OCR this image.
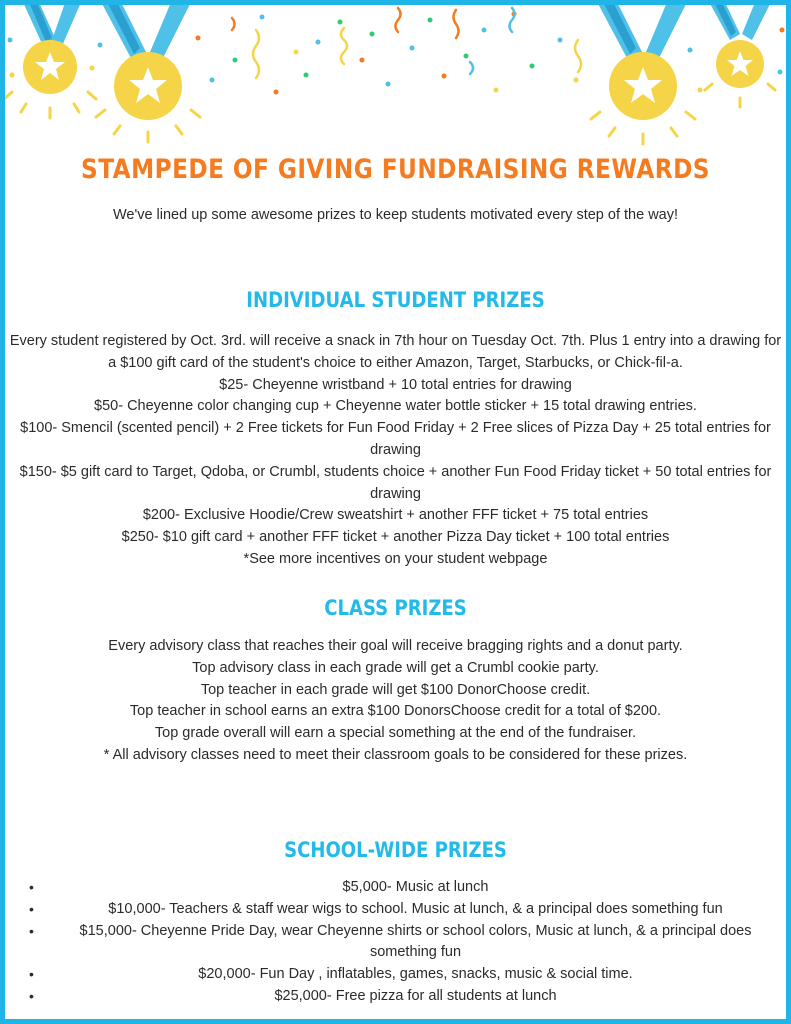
STAMPEDE OF GIVING FUNDRAISING REWARDS

We've lined up some awesome prizes to keep students motivated every step of the way!

INDIVIDUAL STUDENT PRIZES

Every student registered by Oct. 3rd. will receive a snack in 7th hour on Tuesday Oct. 7th. Plus 1 entry into a drawing for a $100 gift card of the student's choice to either Amazon, Target, Starbucks, or Chick-fil-a.

$25- Cheyenne wristband + 10 total entries for drawing

$50- Cheyenne color changing cup + Cheyenne water bottle sticker + 15 total drawing entries.

$100- Smencil (scented pencil) + 2 Free tickets for Fun Food Friday + 2 Free slices of Pizza Day + 25 total entries for drawing

$150- $5 gift card to Target, Qdoba, or Crumbl, students choice + another Fun Food Friday ticket + 50 total entries for drawing

$200- Exclusive Hoodie/Crew sweatshirt + another FFF ticket + 75 total entries

$250- $10 gift card + another FFF ticket + another Pizza Day ticket + 100 total entries

*See more incentives on your student webpage

CLASS PRIZES

Every advisory class that reaches their goal will receive bragging rights and a donut party.

Top advisory class in each grade will get a Crumbl cookie party.

Top teacher in each grade will get $100 DonorChoose credit.

Top teacher in school earns an extra $100 DonorsChoose credit for a total of $200.

Top grade overall will earn a special something at the end of the fundraiser.

* All advisory classes need to meet their classroom goals to be considered for these prizes.

SCHOOL-WIDE PRIZES
•	$5,000- Music at lunch
•	$10,000- Teachers & staff wear wigs to school. Music at lunch, & a principal does something fun
•	$15,000- Cheyenne Pride Day, wear Cheyenne shirts or school colors, Music at lunch, & a principal does something fun
•	$20,000- Fun Day , inflatables, games, snacks, music & social time.
•	$25,000- Free pizza for all students at lunch
